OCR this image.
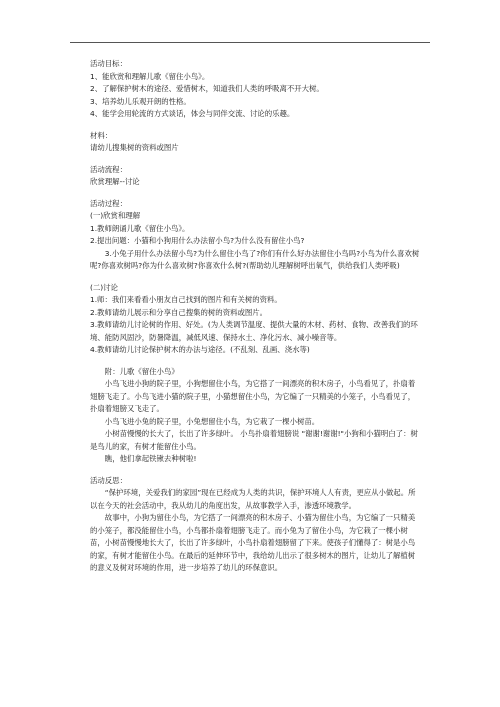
活动目标：

1、能欣赏和理解儿歌《留住小鸟》。

2、了解保护树木的途径、爱惜树木，知道我们人类的呼吸离不开大树。

3、培养幼儿乐观开朗的性格。

4、能学会用轮流的方式谈话，体会与同伴交流、讨论的乐趣。

材料：

请幼儿搜集树的资料或图片

活动流程：

欣赏理解--讨论

活动过程：

(一)欣赏和理解

1.教师朗诵儿歌《留住小鸟》。

2.提出问题：小猫和小狗用什么办法留小鸟?为什么没有留住小鸟?

3.小兔子用什么办法留小鸟?为什么留住小鸟了?你们有什么好办法留住小鸟吗?小鸟为什么喜欢树呢?你喜欢树吗?你为什么喜欢树?你喜欢什么树?(帮助幼儿理解树呼出氧气，供给我们人类呼吸)

(二)讨论

1.师：我们来看看小朋友自己找到的图片和有关树的资料。

2.教师请幼儿展示和分享自己搜集的树的资料或图片。

3.教师请幼儿讨论树的作用、好处。(为人类调节温度、提供大量的木材、药材、食物、改善我们的环境、能防风固沙，防暑降温，减低风速、保持水土、净化污水、减小噪音等。

4.教师请幼儿讨论保护树木的办法与途径。(不乱刻、乱画、浇水等)

附：儿歌《留住小鸟》

小鸟飞进小狗的院子里，小狗想留住小鸟，为它搭了一间漂亮的积木房子，小鸟看见了，扑扇着翅膀飞走了。小鸟飞进小猫的院子里，小猫想留住小鸟，为它编了一只精美的小笼子，小鸟看见了，扑扇着翅膀又飞走了。

小鸟飞进小兔的院子里，小兔想留住小鸟，为它栽了一棵小树苗。

小树苗慢慢的长大了，长出了许多绿叶。 小鸟扑扇着翅膀说 "谢谢!谢谢!"小狗和小猫明白了：树是鸟儿的家，有树才能留住小鸟。

瞧，他们拿起铁锹去种树啦!

活动反思：

“保护环境，关爱我们的家园”现在已经成为人类的共识，保护环境人人有责，更应从小做起。所以在今天的社会活动中，我从幼儿的角度出发，从故事教学入手，渗透环境教学。

故事中，小狗为留住小鸟，为它搭了一间漂亮的积木房子、小猫为留住小鸟，为它编了一只精美的小笼子，都没能留住小鸟，小鸟都扑扇着翅膀飞走了。而小兔为了留住小鸟，为它栽了一棵小树苗，小树苗慢慢地长大了，长出了许多绿叶，小鸟扑扇着翅膀留了下来。使孩子们懂得了：树是小鸟的家，有树才能留住小鸟。在最后的延伸环节中，我给幼儿出示了很多树木的图片，让幼儿了解植树的意义及树对环境的作用，进一步培养了幼儿的环保意识。
